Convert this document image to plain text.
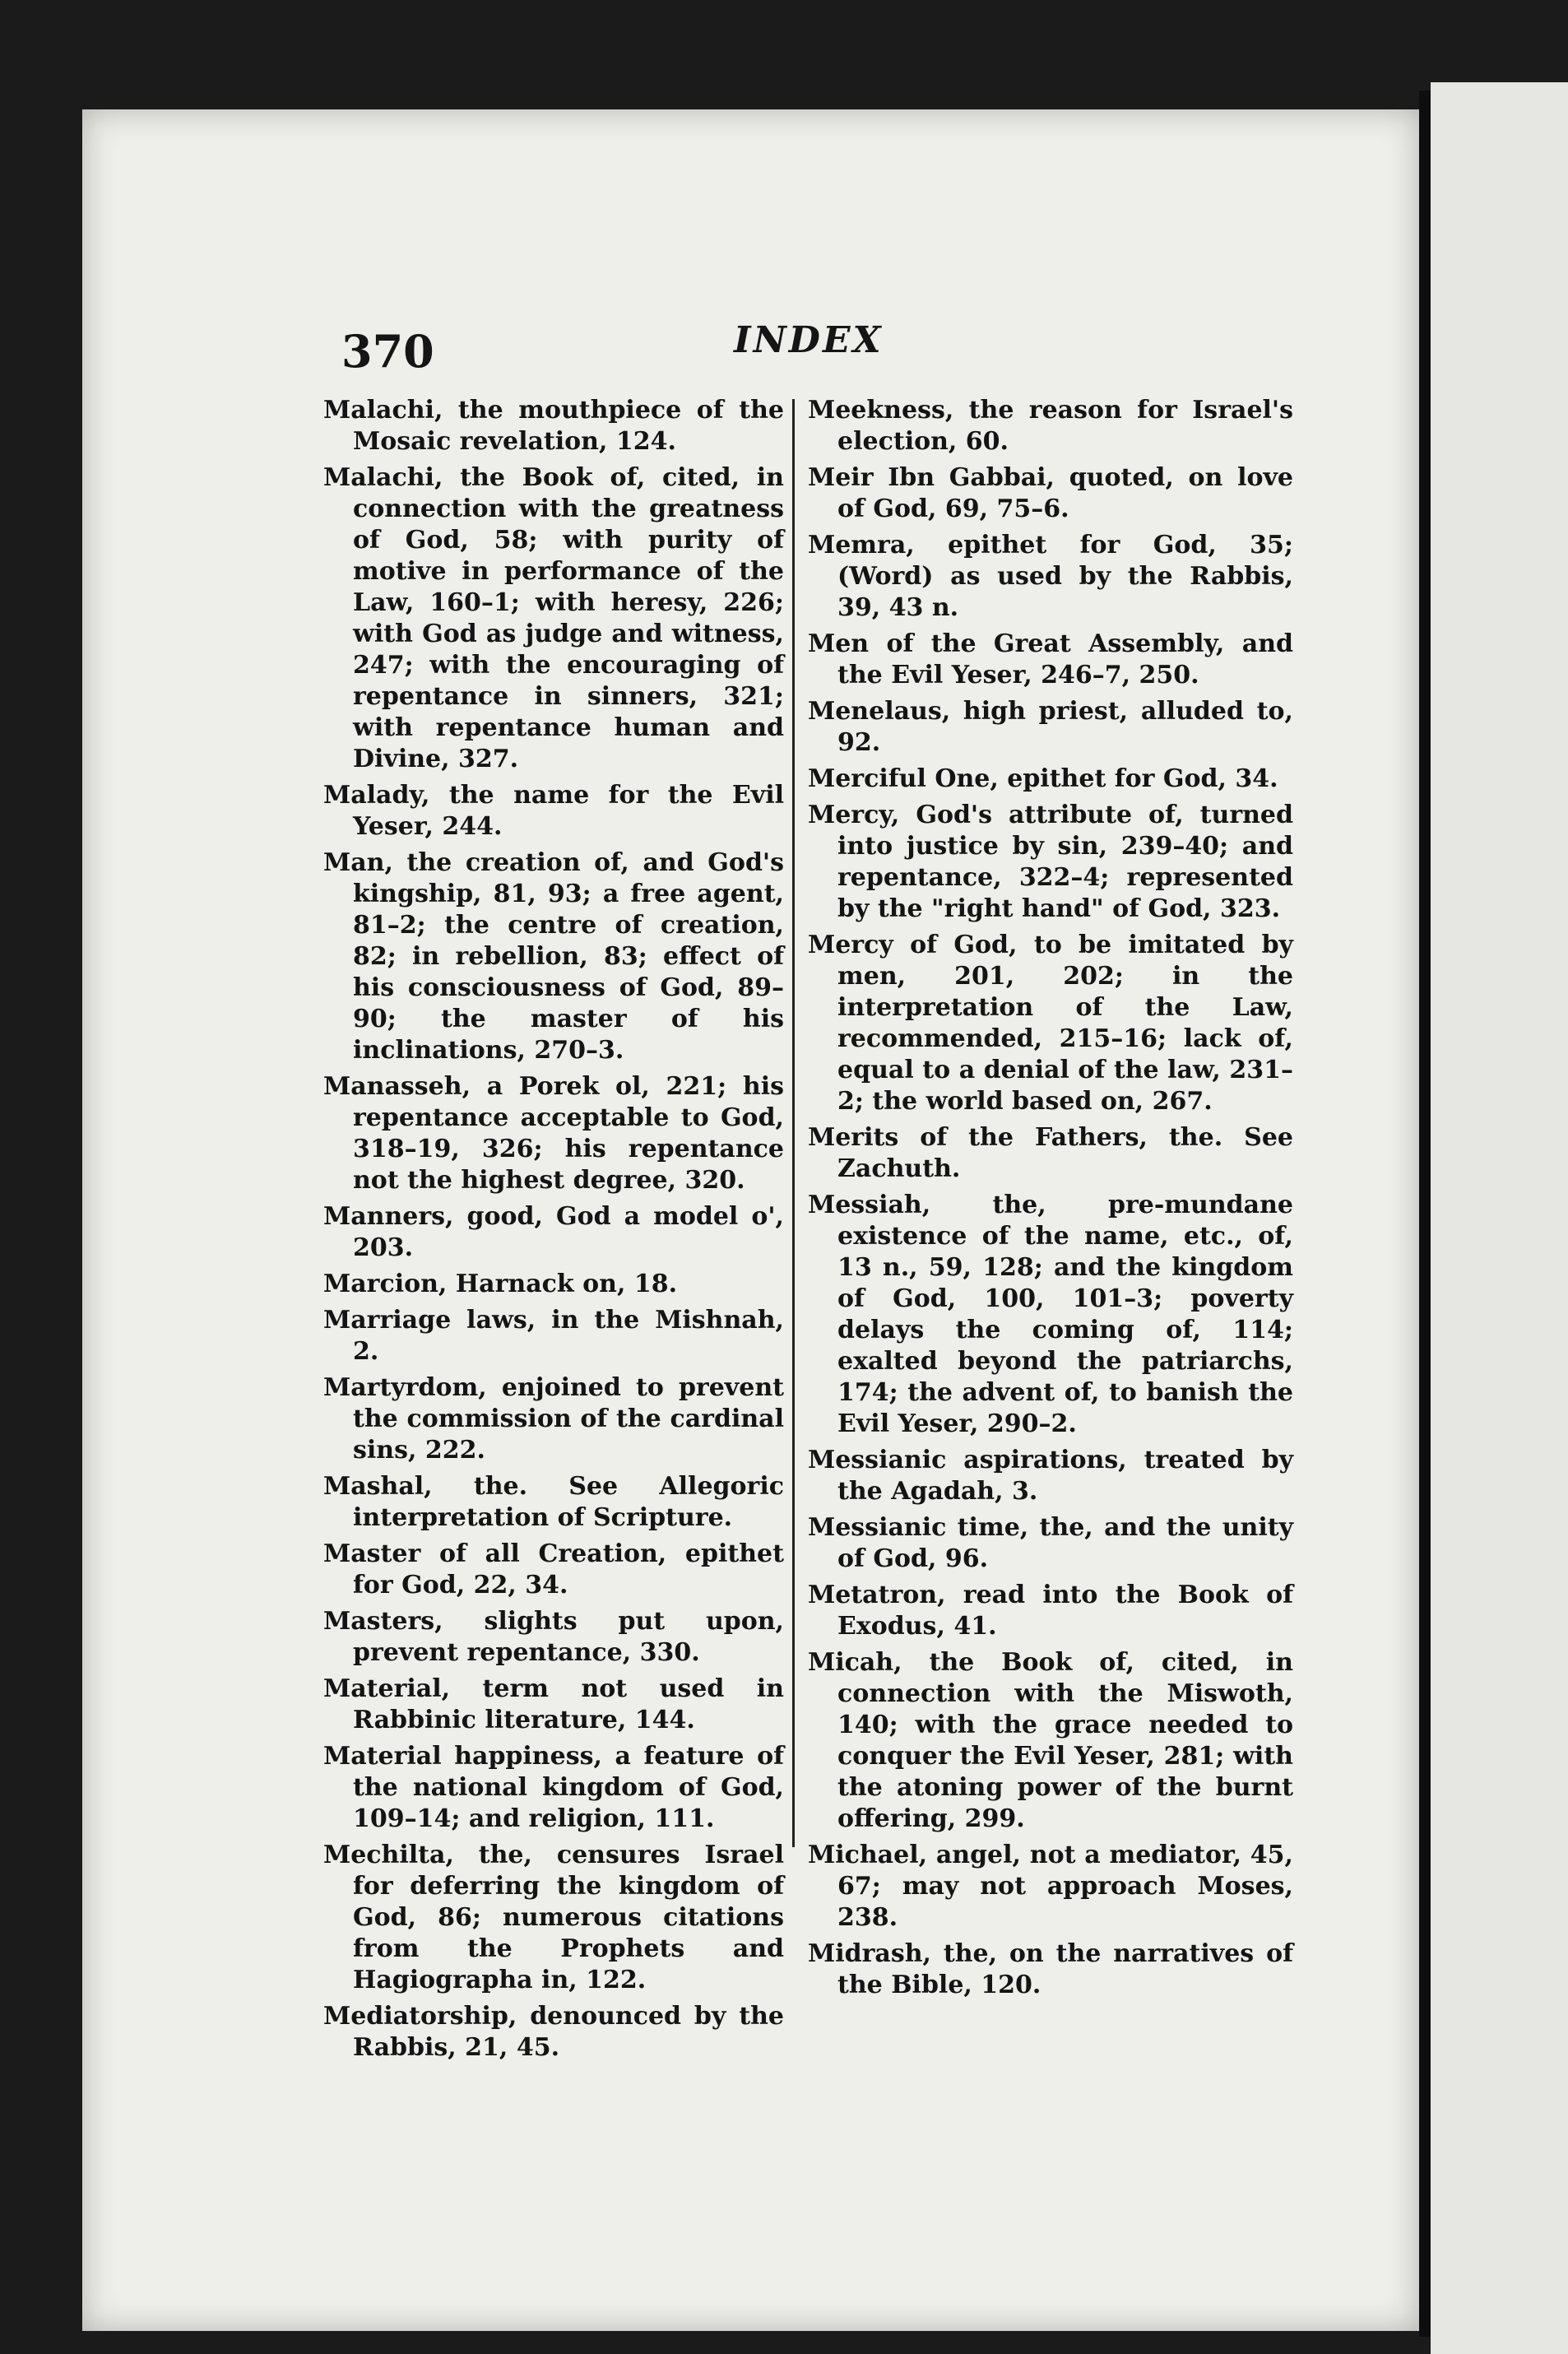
370	INDEX

Malachi, the mouthpiece of the Mosaic revelation, 124.

Malachi, the Book of, cited, in connection with the greatness of God, 58; with purity of motive in performance of the Law, 160–1; with heresy, 226; with God as judge and witness, 247; with the encouraging of repentance in sinners, 321; with repentance human and Divine, 327.

Malady, the name for the Evil Yeser, 244.

Man, the creation of, and God's kingship, 81, 93; a free agent, 81–2; the centre of creation, 82; in rebellion, 83; effect of his consciousness of God, 89–90; the master of his inclinations, 270–3.

Manasseh, a Porek ol, 221; his repentance acceptable to God, 318–19, 326; his repentance not the highest degree, 320.

Manners, good, God a model o', 203.

Marcion, Harnack on, 18.

Marriage laws, in the Mishnah, 2.

Martyrdom, enjoined to prevent the commission of the cardinal sins, 222.

Mashal, the. See Allegoric interpretation of Scripture.

Master of all Creation, epithet for God, 22, 34.

Masters, slights put upon, prevent repentance, 330.

Material, term not used in Rabbinic literature, 144.

Material happiness, a feature of the national kingdom of God, 109–14; and religion, 111.

Mechilta, the, censures Israel for deferring the kingdom of God, 86; numerous citations from the Prophets and Hagiographa in, 122.

Mediatorship, denounced by the Rabbis, 21, 45.

Meekness, the reason for Israel's election, 60.

Meir Ibn Gabbai, quoted, on love of God, 69, 75–6.

Memra, epithet for God, 35; (Word) as used by the Rabbis, 39, 43 n.

Men of the Great Assembly, and the Evil Yeser, 246–7, 250.

Menelaus, high priest, alluded to, 92.

Merciful One, epithet for God, 34.

Mercy, God's attribute of, turned into justice by sin, 239–40; and repentance, 322–4; represented by the "right hand" of God, 323.

Mercy of God, to be imitated by men, 201, 202; in the interpretation of the Law, recommended, 215–16; lack of, equal to a denial of the law, 231–2; the world based on, 267.

Merits of the Fathers, the. See Zachuth.

Messiah, the, pre-mundane existence of the name, etc., of, 13 n., 59, 128; and the kingdom of God, 100, 101–3; poverty delays the coming of, 114; exalted beyond the patriarchs, 174; the advent of, to banish the Evil Yeser, 290–2.

Messianic aspirations, treated by the Agadah, 3.

Messianic time, the, and the unity of God, 96.

Metatron, read into the Book of Exodus, 41.

Micah, the Book of, cited, in connection with the Miswoth, 140; with the grace needed to conquer the Evil Yeser, 281; with the atoning power of the burnt offering, 299.

Michael, angel, not a mediator, 45, 67; may not approach Moses, 238.

Midrash, the, on the narratives of the Bible, 120.
